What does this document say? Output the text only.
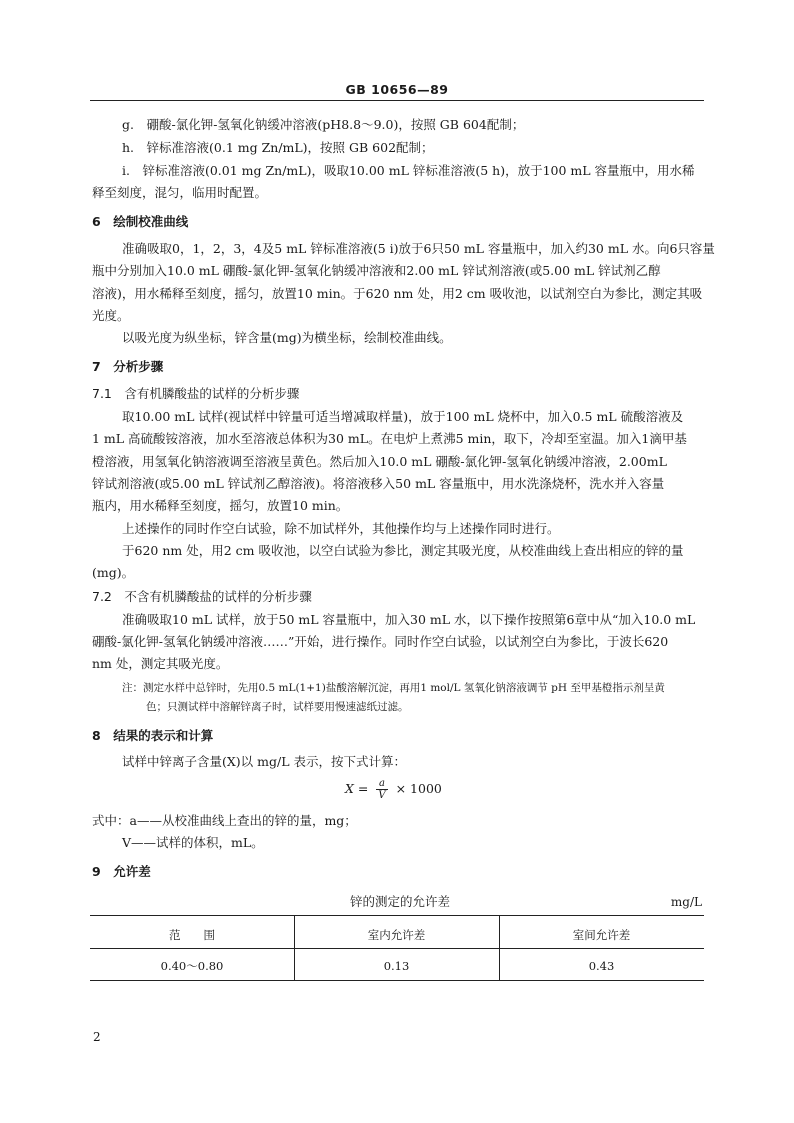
GB 10656—89
g.　硼酸-氯化钾-氢氧化钠缓冲溶液(pH8.8～9.0)，按照 GB 604配制；
h.　锌标准溶液(0.1 mg Zn/mL)，按照 GB 602配制；
i.　锌标准溶液(0.01 mg Zn/mL)，吸取10.00 mL 锌标准溶液(5 h)，放于100 mL 容量瓶中，用水稀
释至刻度，混匀，临用时配置。
6　绘制校准曲线
准确吸取0，1，2，3，4及5 mL 锌标准溶液(5 i)放于6只50 mL 容量瓶中，加入约30 mL 水。向6只容量
瓶中分别加入10.0 mL 硼酸-氯化钾-氢氧化钠缓冲溶液和2.00 mL 锌试剂溶液(或5.00 mL 锌试剂乙醇
溶液)，用水稀释至刻度，摇匀，放置10 min。于620 nm 处，用2 cm 吸收池，以试剂空白为参比，测定其吸
光度。
以吸光度为纵坐标，锌含量(mg)为横坐标，绘制校准曲线。
7　分析步骤
7.1　含有机膦酸盐的试样的分析步骤
取10.00 mL 试样(视试样中锌量可适当增减取样量)，放于100 mL 烧杯中，加入0.5 mL 硫酸溶液及
1 mL 高硫酸铵溶液，加水至溶液总体积为30 mL。在电炉上煮沸5 min，取下，冷却至室温。加入1滴甲基
橙溶液，用氢氧化钠溶液调至溶液呈黄色。然后加入10.0 mL 硼酸-氯化钾-氢氧化钠缓冲溶液，2.00mL
锌试剂溶液(或5.00 mL 锌试剂乙醇溶液)。将溶液移入50 mL 容量瓶中，用水洗涤烧杯，洗水并入容量
瓶内，用水稀释至刻度，摇匀，放置10 min。
上述操作的同时作空白试验，除不加试样外，其他操作均与上述操作同时进行。
于620 nm 处，用2 cm 吸收池，以空白试验为参比，测定其吸光度，从校准曲线上查出相应的锌的量
(mg)。
7.2　不含有机膦酸盐的试样的分析步骤
准确吸取10 mL 试样，放于50 mL 容量瓶中，加入30 mL 水，以下操作按照第6章中从“加入10.0 mL
硼酸-氯化钾-氢氧化钠缓冲溶液……”开始，进行操作。同时作空白试验，以试剂空白为参比，于波长620
nm 处，测定其吸光度。
注：测定水样中总锌时，先用0.5 mL(1+1)盐酸溶解沉淀，再用1 mol/L 氢氧化钠溶液调节 pH 至甲基橙指示剂呈黄
色；只测试样中溶解锌离子时，试样要用慢速滤纸过滤。
8　结果的表示和计算
试样中锌离子含量(X)以 mg/L 表示，按下式计算：
$X = \frac{a}{V} \times 1000$
式中：a——从校准曲线上查出的锌的量，mg；
V——试样的体积，mL。
9　允许差
锌的测定的允许差	mg/L
范　　围	室内允许差	室间允许差
0.40～0.80	0.13	0.43
2
